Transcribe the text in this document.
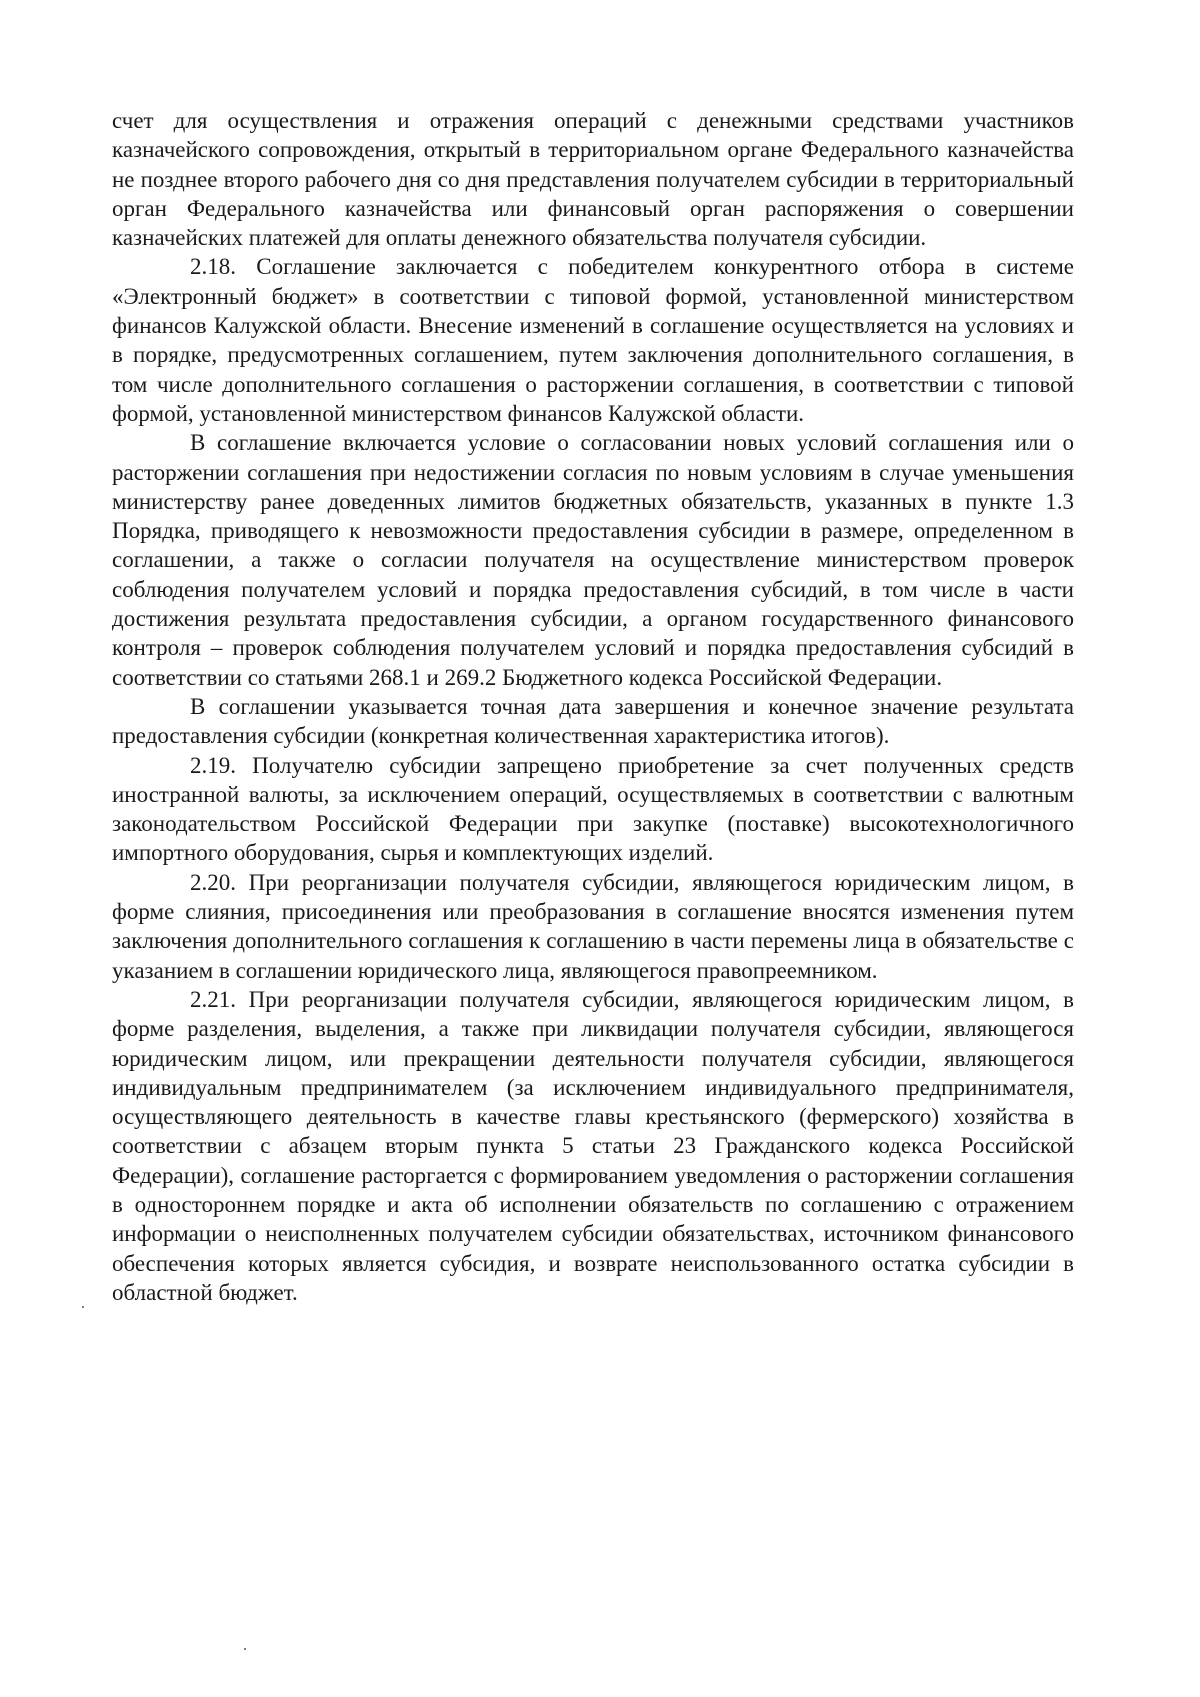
счет для осуществления и отражения операций с денежными средствами участников казначейского сопровождения, открытый в территориальном органе Федерального казначейства не позднее второго рабочего дня со дня представления получателем субсидии в территориальный орган Федерального казначейства или финансовый орган распоряжения о совершении казначейских платежей для оплаты денежного обязательства получателя субсидии.

2.18. Соглашение заключается с победителем конкурентного отбора в системе «Электронный бюджет» в соответствии с типовой формой, установленной министерством финансов Калужской области. Внесение изменений в соглашение осуществляется на условиях и в порядке, предусмотренных соглашением, путем заключения дополнительного соглашения, в том числе дополнительного соглашения о расторжении соглашения, в соответствии с типовой формой, установленной министерством финансов Калужской области.

В соглашение включается условие о согласовании новых условий соглашения или о расторжении соглашения при недостижении согласия по новым условиям в случае уменьшения министерству ранее доведенных лимитов бюджетных обязательств, указанных в пункте 1.3 Порядка, приводящего к невозможности предоставления субсидии в размере, определенном в соглашении, а также о согласии получателя на осуществление министерством проверок соблюдения получателем условий и порядка предоставления субсидий, в том числе в части достижения результата предоставления субсидии, а органом государственного финансового контроля – проверок соблюдения получателем условий и порядка предоставления субсидий в соответствии со статьями 268.1 и 269.2 Бюджетного кодекса Российской Федерации.

В соглашении указывается точная дата завершения и конечное значение результата предоставления субсидии (конкретная количественная характеристика итогов).

2.19. Получателю субсидии запрещено приобретение за счет полученных средств иностранной валюты, за исключением операций, осуществляемых в соответствии с валютным законодательством Российской Федерации при закупке (поставке) высокотехнологичного импортного оборудования, сырья и комплектующих изделий.

2.20. При реорганизации получателя субсидии, являющегося юридическим лицом, в форме слияния, присоединения или преобразования в соглашение вносятся изменения путем заключения дополнительного соглашения к соглашению в части перемены лица в обязательстве с указанием в соглашении юридического лица, являющегося правопреемником.

2.21. При реорганизации получателя субсидии, являющегося юридическим лицом, в форме разделения, выделения, а также при ликвидации получателя субсидии, являющегося юридическим лицом, или прекращении деятельности получателя субсидии, являющегося индивидуальным предпринимателем (за исключением индивидуального предпринимателя, осуществляющего деятельность в качестве главы крестьянского (фермерского) хозяйства в соответствии с абзацем вторым пункта 5 статьи 23 Гражданского кодекса Российской Федерации), соглашение расторгается с формированием уведомления о расторжении соглашения в одностороннем порядке и акта об исполнении обязательств по соглашению с отражением информации о неисполненных получателем субсидии обязательствах, источником финансового обеспечения которых является субсидия, и возврате неиспользованного остатка субсидии в областной бюджет.
